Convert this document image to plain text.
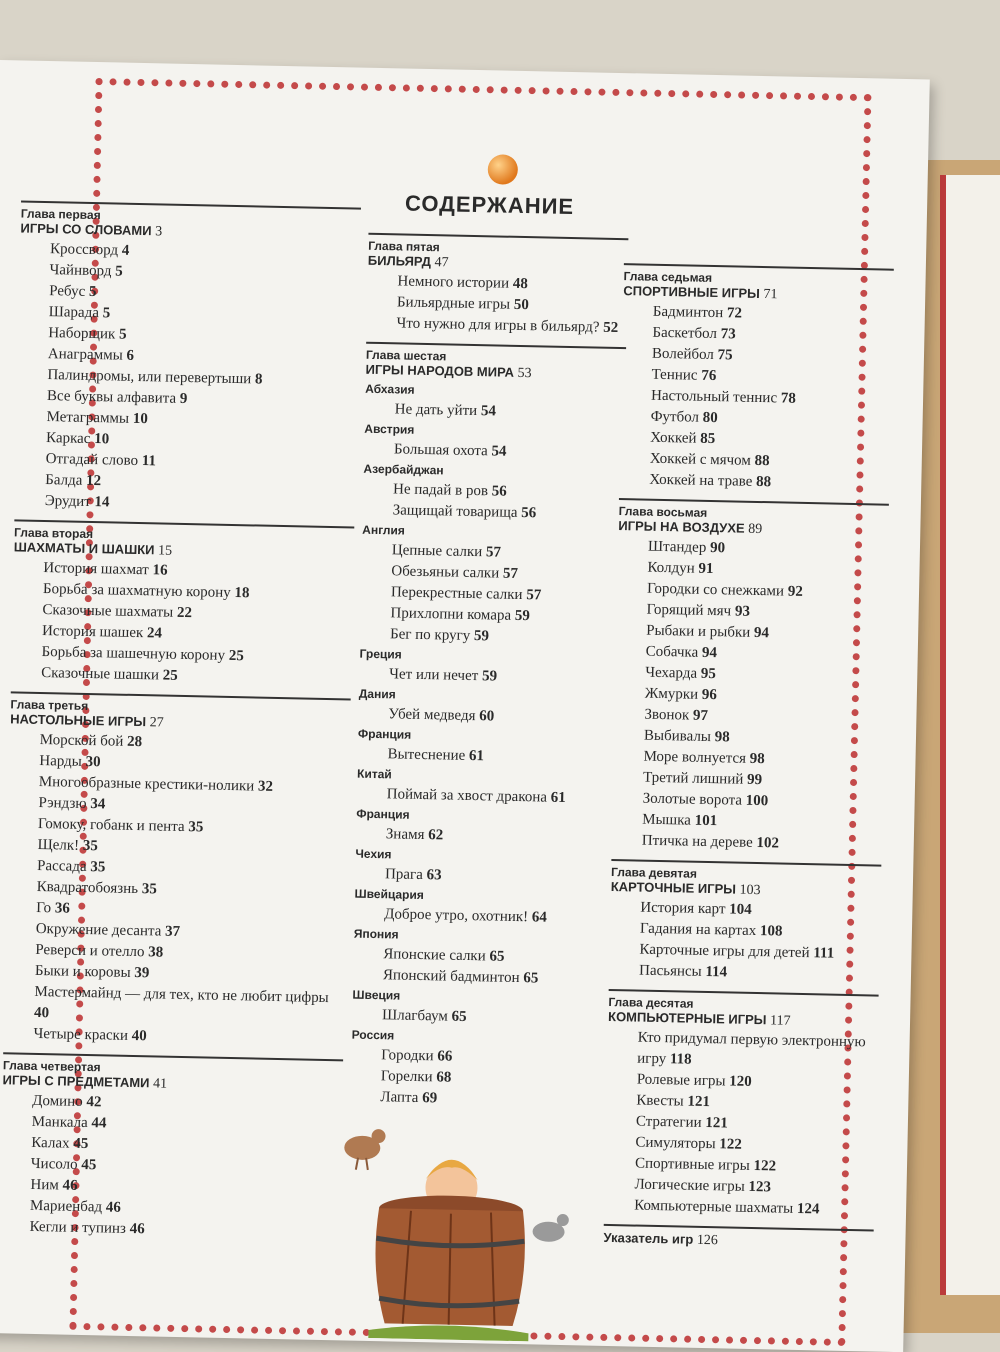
СОДЕРЖАНИЕ
Глава первая
ИГРЫ СО СЛОВАМИ 3
Кроссворд 4
Чайнворд 5
Ребус 5
Шарада 5
Наборщик 5
Анаграммы 6
Палиндромы, или перевертыши 8
Все буквы алфавита 9
Метаграммы 10
Каркас 10
Отгадай слово 11
Балда 12
Эрудит 14
Глава вторая
ШАХМАТЫ И ШАШКИ 15
История шахмат 16
Борьба за шахматную корону 18
Сказочные шахматы 22
История шашек 24
Борьба за шашечную корону 25
Сказочные шашки 25
Глава третья
НАСТОЛЬНЫЕ ИГРЫ 27
Морской бой 28
Нарды 30
Многообразные крестики-нолики 32
Рэндзю 34
Гомоку, гобанк и пента 35
Щелк! 35
Рассада 35
Квадратобоязнь 35
Го 36
Окружение десанта 37
Реверси и отелло 38
Быки и коровы 39
Мастермайнд — для тех, кто не любит цифры 40
Четыре краски 40
Глава четвертая
ИГРЫ С ПРЕДМЕТАМИ 41
Домино 42
Манкала 44
Калах 45
Чисоло 45
Ним 46
Мариенбад 46
Кегли и тупинз 46
Глава пятая
БИЛЬЯРД 47
Немного истории 48
Бильярдные игры 50
Что нужно для игры в бильярд? 52
Глава шестая
ИГРЫ НАРОДОВ МИРА 53
Абхазия
Не дать уйти 54
Австрия
Большая охота 54
Азербайджан
Не падай в ров 56
Защищай товарища 56
Англия
Цепные салки 57
Обезьяньи салки 57
Перекрестные салки 57
Прихлопни комара 59
Бег по кругу 59
Греция
Чет или нечет 59
Дания
Убей медведя 60
Франция
Вытеснение 61
Китай
Поймай за хвост дракона 61
Франция
Знамя 62
Чехия
Прага 63
Швейцария
Доброе утро, охотник! 64
Япония
Японские салки 65
Японский бадминтон 65
Швеция
Шлагбаум 65
Россия
Городки 66
Горелки 68
Лапта 69
Глава седьмая
СПОРТИВНЫЕ ИГРЫ 71
Бадминтон 72
Баскетбол 73
Волейбол 75
Теннис 76
Настольный теннис 78
Футбол 80
Хоккей 85
Хоккей с мячом 88
Хоккей на траве 88
Глава восьмая
ИГРЫ НА ВОЗДУХЕ 89
Штандер 90
Колдун 91
Городки со снежками 92
Горящий мяч 93
Рыбаки и рыбки 94
Собачка 94
Чехарда 95
Жмурки 96
Звонок 97
Выбивалы 98
Море волнуется 98
Третий лишний 99
Золотые ворота 100
Мышка 101
Птичка на дереве 102
Глава девятая
КАРТОЧНЫЕ ИГРЫ 103
История карт 104
Гадания на картах 108
Карточные игры для детей 111
Пасьянсы 114
Глава десятая
КОМПЬЮТЕРНЫЕ ИГРЫ 117
Кто придумал первую электронную игру 118
Ролевые игры 120
Квесты 121
Стратегии 121
Симуляторы 122
Спортивные игры 122
Логические игры 123
Компьютерные шахматы 124
Указатель игр 126
